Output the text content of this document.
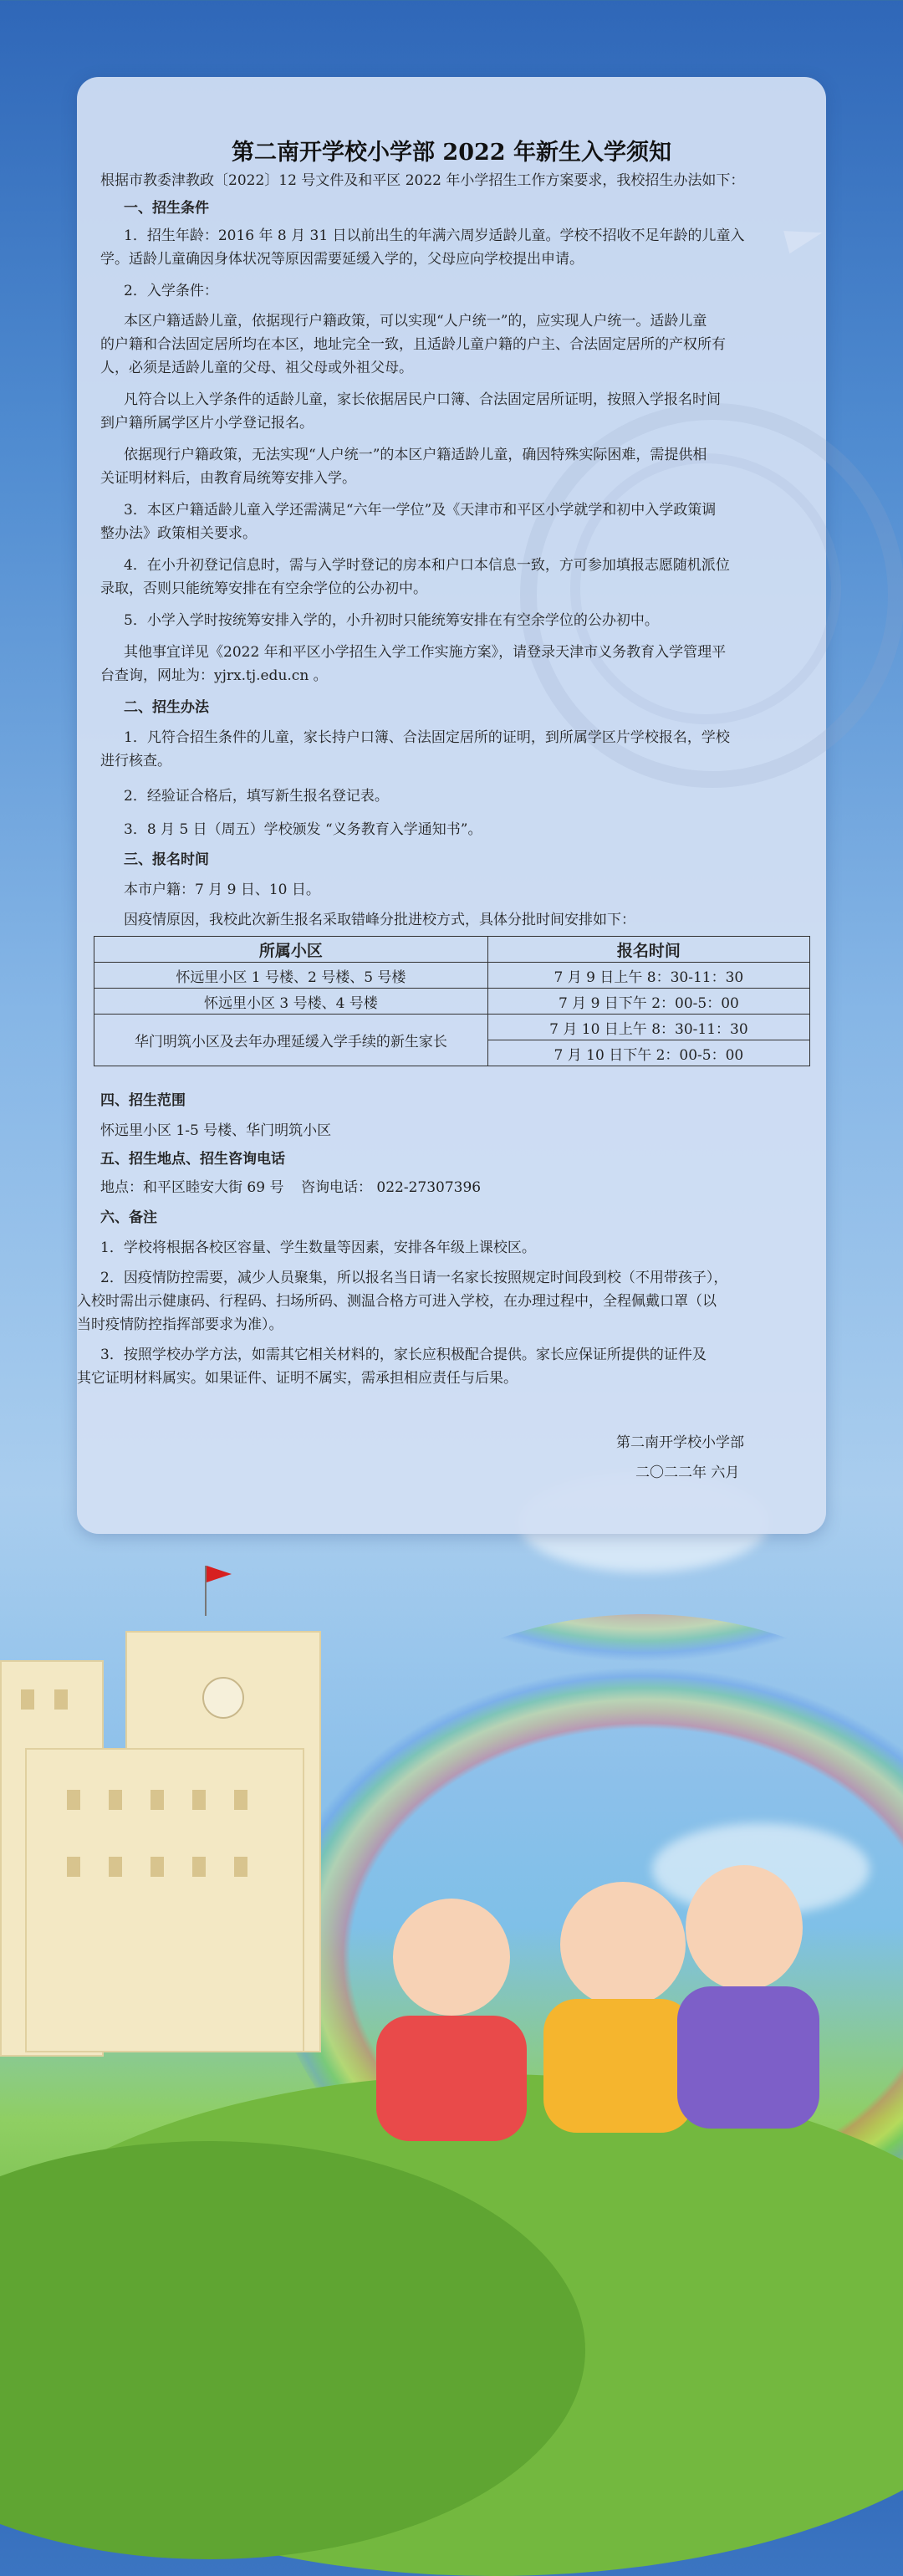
第二南开学校小学部 2022 年新生入学须知
根据市教委津教政〔2022〕12 号文件及和平区 2022 年小学招生工作方案要求，我校招生办法如下：
一、招生条件
1．招生年龄：2016 年 8 月 31 日以前出生的年满六周岁适龄儿童。学校不招收不足年龄的儿童入
学。适龄儿童确因身体状况等原因需要延缓入学的，父母应向学校提出申请。
2．入学条件：
本区户籍适龄儿童，依据现行户籍政策，可以实现“人户统一”的，应实现人户统一。适龄儿童
的户籍和合法固定居所均在本区，地址完全一致，且适龄儿童户籍的户主、合法固定居所的产权所有
人，必须是适龄儿童的父母、祖父母或外祖父母。
凡符合以上入学条件的适龄儿童，家长依据居民户口簿、合法固定居所证明，按照入学报名时间
到户籍所属学区片小学登记报名。
依据现行户籍政策，无法实现“人户统一”的本区户籍适龄儿童，确因特殊实际困难，需提供相
关证明材料后，由教育局统筹安排入学。
3．本区户籍适龄儿童入学还需满足“六年一学位”及《天津市和平区小学就学和初中入学政策调
整办法》政策相关要求。
4．在小升初登记信息时，需与入学时登记的房本和户口本信息一致，方可参加填报志愿随机派位
录取，否则只能统筹安排在有空余学位的公办初中。
5．小学入学时按统筹安排入学的，小升初时只能统筹安排在有空余学位的公办初中。
其他事宜详见《2022 年和平区小学招生入学工作实施方案》，请登录天津市义务教育入学管理平
台查询，网址为：yjrx.tj.edu.cn 。
二、招生办法
1．凡符合招生条件的儿童，家长持户口簿、合法固定居所的证明，到所属学区片学校报名，学校
进行核查。
2．经验证合格后，填写新生报名登记表。
3．8 月 5 日（周五）学校颁发 “义务教育入学通知书”。
三、报名时间
本市户籍：7 月 9 日、10 日。
因疫情原因，我校此次新生报名采取错峰分批进校方式，具体分批时间安排如下：
所属小区	报名时间
怀远里小区 1 号楼、2 号楼、5 号楼	7 月 9 日上午 8：30-11：30
怀远里小区 3 号楼、4 号楼	7 月 9 日下午 2：00-5：00
华门明筑小区及去年办理延缓入学手续的新生家长	7 月 10 日上午 8：30-11：30
	7 月 10 日下午 2：00-5：00
四、招生范围
怀远里小区 1-5 号楼、华门明筑小区
五、招生地点、招生咨询电话
地点：和平区睦安大街 69 号 咨询电话： 022-27307396
六、备注
1．学校将根据各校区容量、学生数量等因素，安排各年级上课校区。
2．因疫情防控需要，减少人员聚集，所以报名当日请一名家长按照规定时间段到校（不用带孩子），
入校时需出示健康码、行程码、扫场所码、测温合格方可进入学校，在办理过程中，全程佩戴口罩（以
当时疫情防控指挥部要求为准）。
3．按照学校办学方法，如需其它相关材料的，家长应积极配合提供。家长应保证所提供的证件及
其它证明材料属实。如果证件、证明不属实，需承担相应责任与后果。
第二南开学校小学部
二〇二二年 六月
